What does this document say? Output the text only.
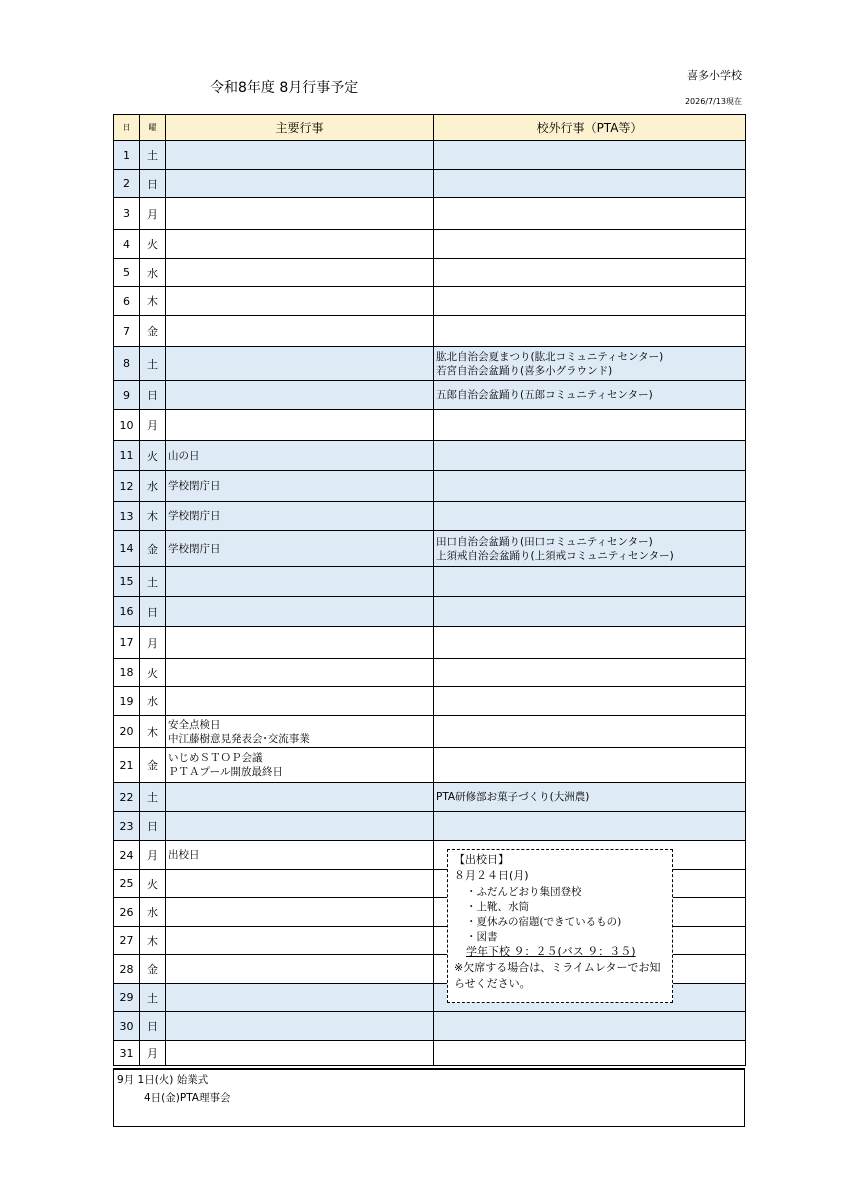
喜多小学校
令和8年度 8月行事予定
2026/7/13現在
日	曜	主要行事	校外行事（PTA等）
1	土		
2	日		
3	月		
4	火		
5	水		
6	木		
7	金		
8	土		肱北自治会夏まつり(肱北コミュニティセンター)
若宮自治会盆踊り(喜多小グラウンド)
9	日		五郎自治会盆踊り(五郎コミュニティセンター)
10	月		
11	火	山の日	
12	水	学校閉庁日	
13	木	学校閉庁日	
14	金	学校閉庁日	田口自治会盆踊り(田口コミュニティセンター)
上須戒自治会盆踊り(上須戒コミュニティセンター)
15	土		
16	日		
17	月		
18	火		
19	水		
20	木	安全点検日
中江藤樹意見発表会･交流事業	
21	金	いじめＳＴＯＰ会議
ＰＴＡプール開放最終日	
22	土		PTA研修部お菓子づくり(大洲農)
23	日		
24	月	出校日	
25	火		
26	水		
27	木		
28	金		
29	土		
30	日		
31	月		
9月 1日(火) 始業式
4日(金)PTA理事会
【出校日】
８月２４日(月)
・ふだんどおり集団登校
・上靴、水筒
・夏休みの宿題(できているもの)
・図書
学年下校 ９：２５(バス ９：３５)
※欠席する場合は、ミライムレターでお知らせください。
